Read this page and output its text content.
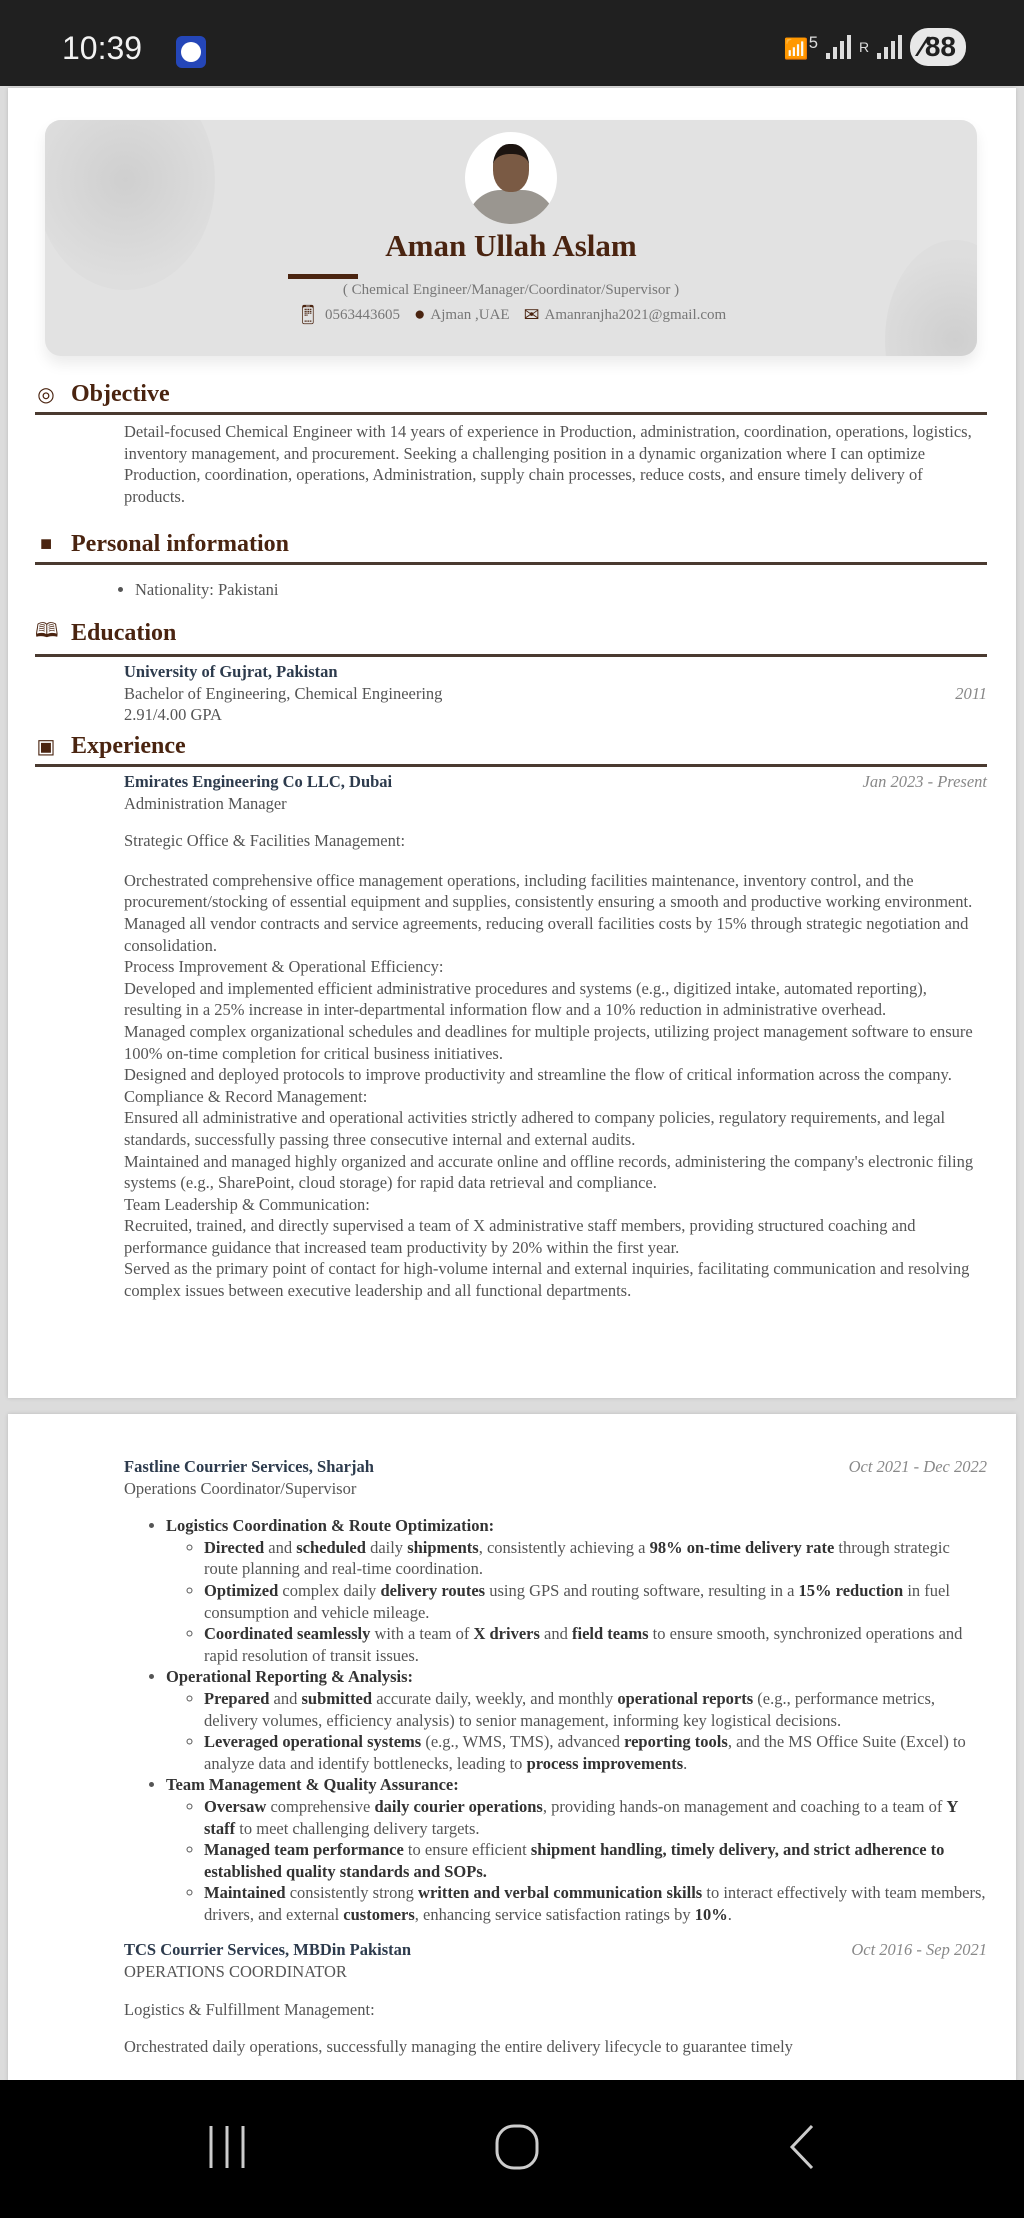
10:39	📶$^5$	R	∕88
Aman Ullah Aslam
( Chemical Engineer/Manager/Coordinator/Supervisor )
📱︎ 0563443605 ● Ajman ,UAE ✉︎ Amanranjha2021@gmail.com
◎ Objective

Detail-focused Chemical Engineer with 14 years of experience in Production, administration, coordination, operations, logistics, inventory management, and procurement. Seeking a challenging position in a dynamic organization where I can optimize Production, coordination, operations, Administration, supply chain processes, reduce costs, and ensure timely delivery of products.

■ Personal information
• Nationality: Pakistani
🕮︎ Education
University of Gujrat, Pakistan
Bachelor of Engineering, Chemical Engineering	2011
2.91/4.00 GPA
▣ Experience
Emirates Engineering Co LLC, Dubai	Jan 2023 - Present
Administration Manager
Strategic Office & Facilities Management:
Orchestrated comprehensive office management operations, including facilities maintenance, inventory control, and the procurement/stocking of essential equipment and supplies, consistently ensuring a smooth and productive working environment.
Managed all vendor contracts and service agreements, reducing overall facilities costs by 15% through strategic negotiation and consolidation.
Process Improvement & Operational Efficiency:
Developed and implemented efficient administrative procedures and systems (e.g., digitized intake, automated reporting), resulting in a 25% increase in inter-departmental information flow and a 10% reduction in administrative overhead.
Managed complex organizational schedules and deadlines for multiple projects, utilizing project management software to ensure 100% on-time completion for critical business initiatives.
Designed and deployed protocols to improve productivity and streamline the flow of critical information across the company.
Compliance & Record Management:
Ensured all administrative and operational activities strictly adhered to company policies, regulatory requirements, and legal standards, successfully passing three consecutive internal and external audits.
Maintained and managed highly organized and accurate online and offline records, administering the company's electronic filing systems (e.g., SharePoint, cloud storage) for rapid data retrieval and compliance.
Team Leadership & Communication:
Recruited, trained, and directly supervised a team of X administrative staff members, providing structured coaching and performance guidance that increased team productivity by 20% within the first year.
Served as the primary point of contact for high-volume internal and external inquiries, facilitating communication and resolving complex issues between executive leadership and all functional departments.
Fastline Courrier Services, Sharjah	Oct 2021 - Dec 2022
Operations Coordinator/Supervisor
• Logistics Coordination & Route Optimization:
◦ Directed and scheduled daily shipments, consistently achieving a 98% on-time delivery rate through strategic route planning and real-time coordination.
◦ Optimized complex daily delivery routes using GPS and routing software, resulting in a 15% reduction in fuel consumption and vehicle mileage.
◦ Coordinated seamlessly with a team of X drivers and field teams to ensure smooth, synchronized operations and rapid resolution of transit issues.
• Operational Reporting & Analysis:
◦ Prepared and submitted accurate daily, weekly, and monthly operational reports (e.g., performance metrics, delivery volumes, efficiency analysis) to senior management, informing key logistical decisions.
◦ Leveraged operational systems (e.g., WMS, TMS), advanced reporting tools, and the MS Office Suite (Excel) to analyze data and identify bottlenecks, leading to process improvements.
• Team Management & Quality Assurance:
◦ Oversaw comprehensive daily courier operations, providing hands-on management and coaching to a team of Y staff to meet challenging delivery targets.
◦ Managed team performance to ensure efficient shipment handling, timely delivery, and strict adherence to established quality standards and SOPs.
◦ Maintained consistently strong written and verbal communication skills to interact effectively with team members, drivers, and external customers, enhancing service satisfaction ratings by 10%.
TCS Courrier Services, MBDin Pakistan	Oct 2016 - Sep 2021
OPERATIONS COORDINATOR
Logistics & Fulfillment Management:
Orchestrated daily operations, successfully managing the entire delivery lifecycle to guarantee timely
